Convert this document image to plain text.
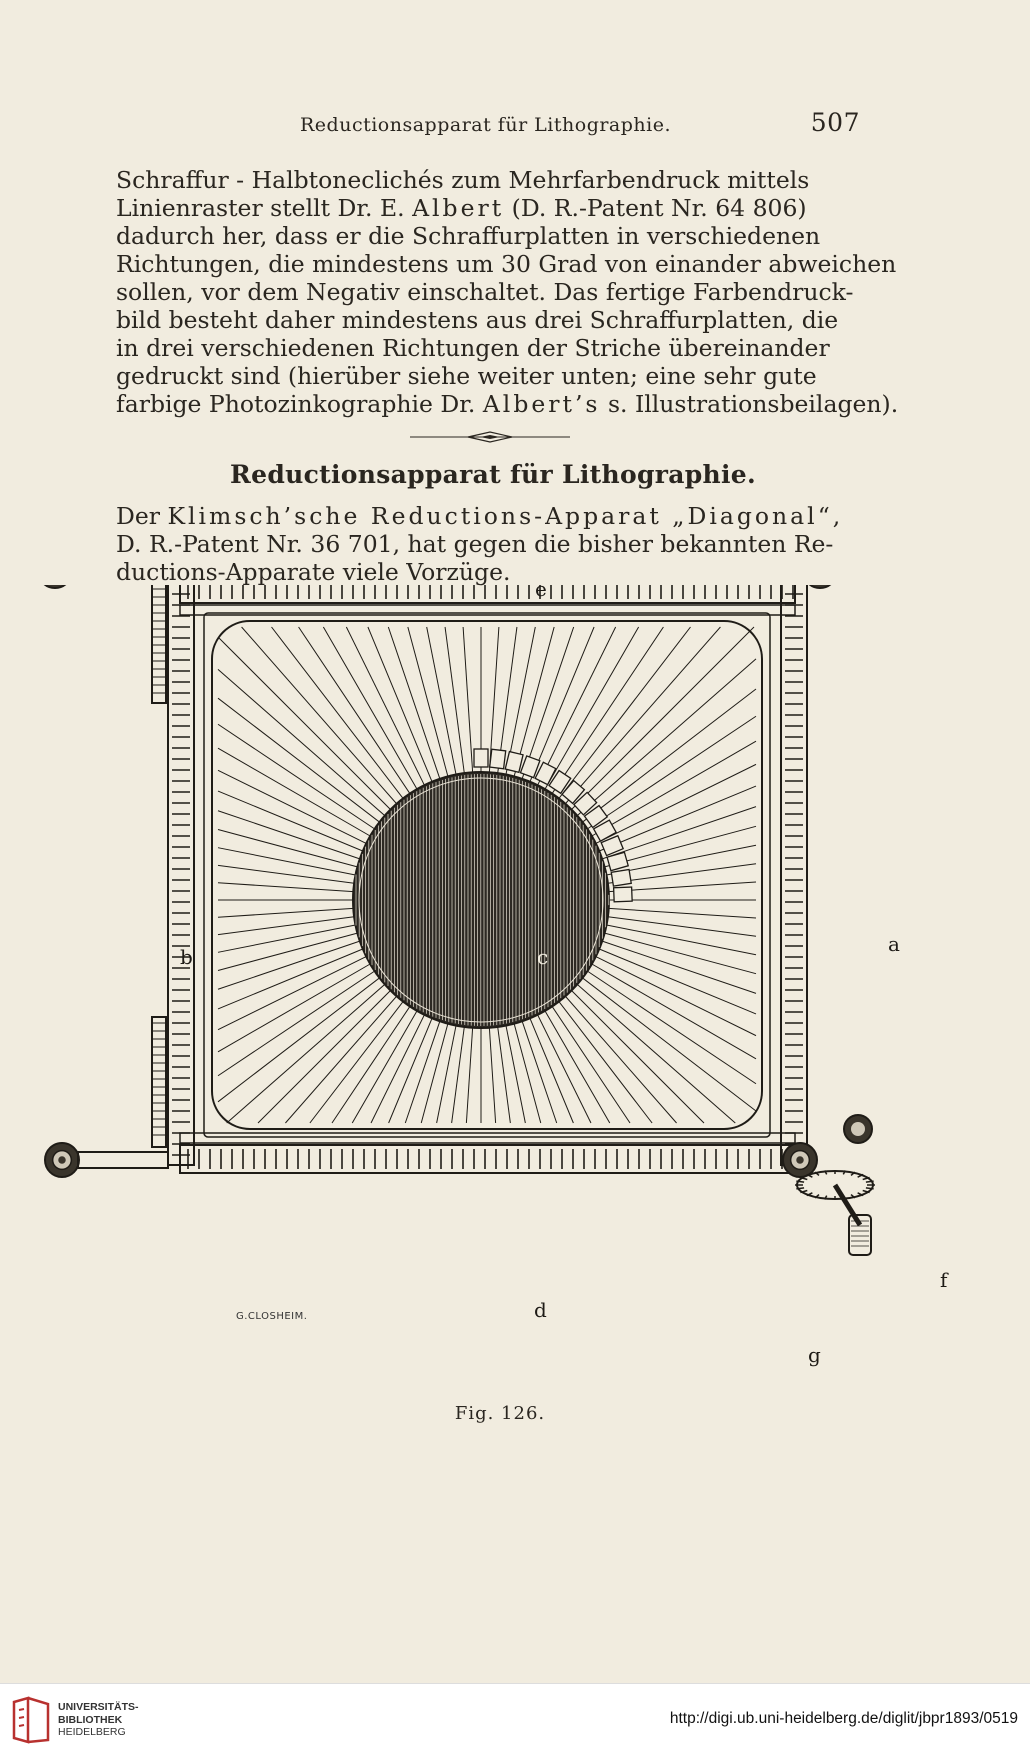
Reductionsapparat für Lithographie.	507
Schraffur - Halbtoneclichés zum Mehrfarbendruck mittels
Linienraster stellt Dr. E. Albert (D. R.-Patent Nr. 64 806)
dadurch her, dass er die Schraffurplatten in verschiedenen
Richtungen, die mindestens um 30 Grad von einander abweichen
sollen, vor dem Negativ einschaltet. Das fertige Farbendruck-
bild besteht daher mindestens aus drei Schraffurplatten, die
in drei verschiedenen Richtungen der Striche übereinander
gedruckt sind (hierüber siehe weiter unten; eine sehr gute
farbige Photozinkographie Dr. Albert’s s. Illustrationsbeilagen).
Reductionsapparat für Lithographie.
Der Klimsch’sche Reductions-Apparat „Diagonal“,
D. R.-Patent Nr. 36 701, hat gegen die bisher bekannten Re-
ductions-Apparate viele Vorzüge.
e
a
b	c
d
f
g
G.CLOSHEIM.
Fig. 126.
UNIVERSITÄTS-
BIBLIOTHEK
HEIDELBERG
http://digi.ub.uni-heidelberg.de/diglit/jbpr1893/0519
